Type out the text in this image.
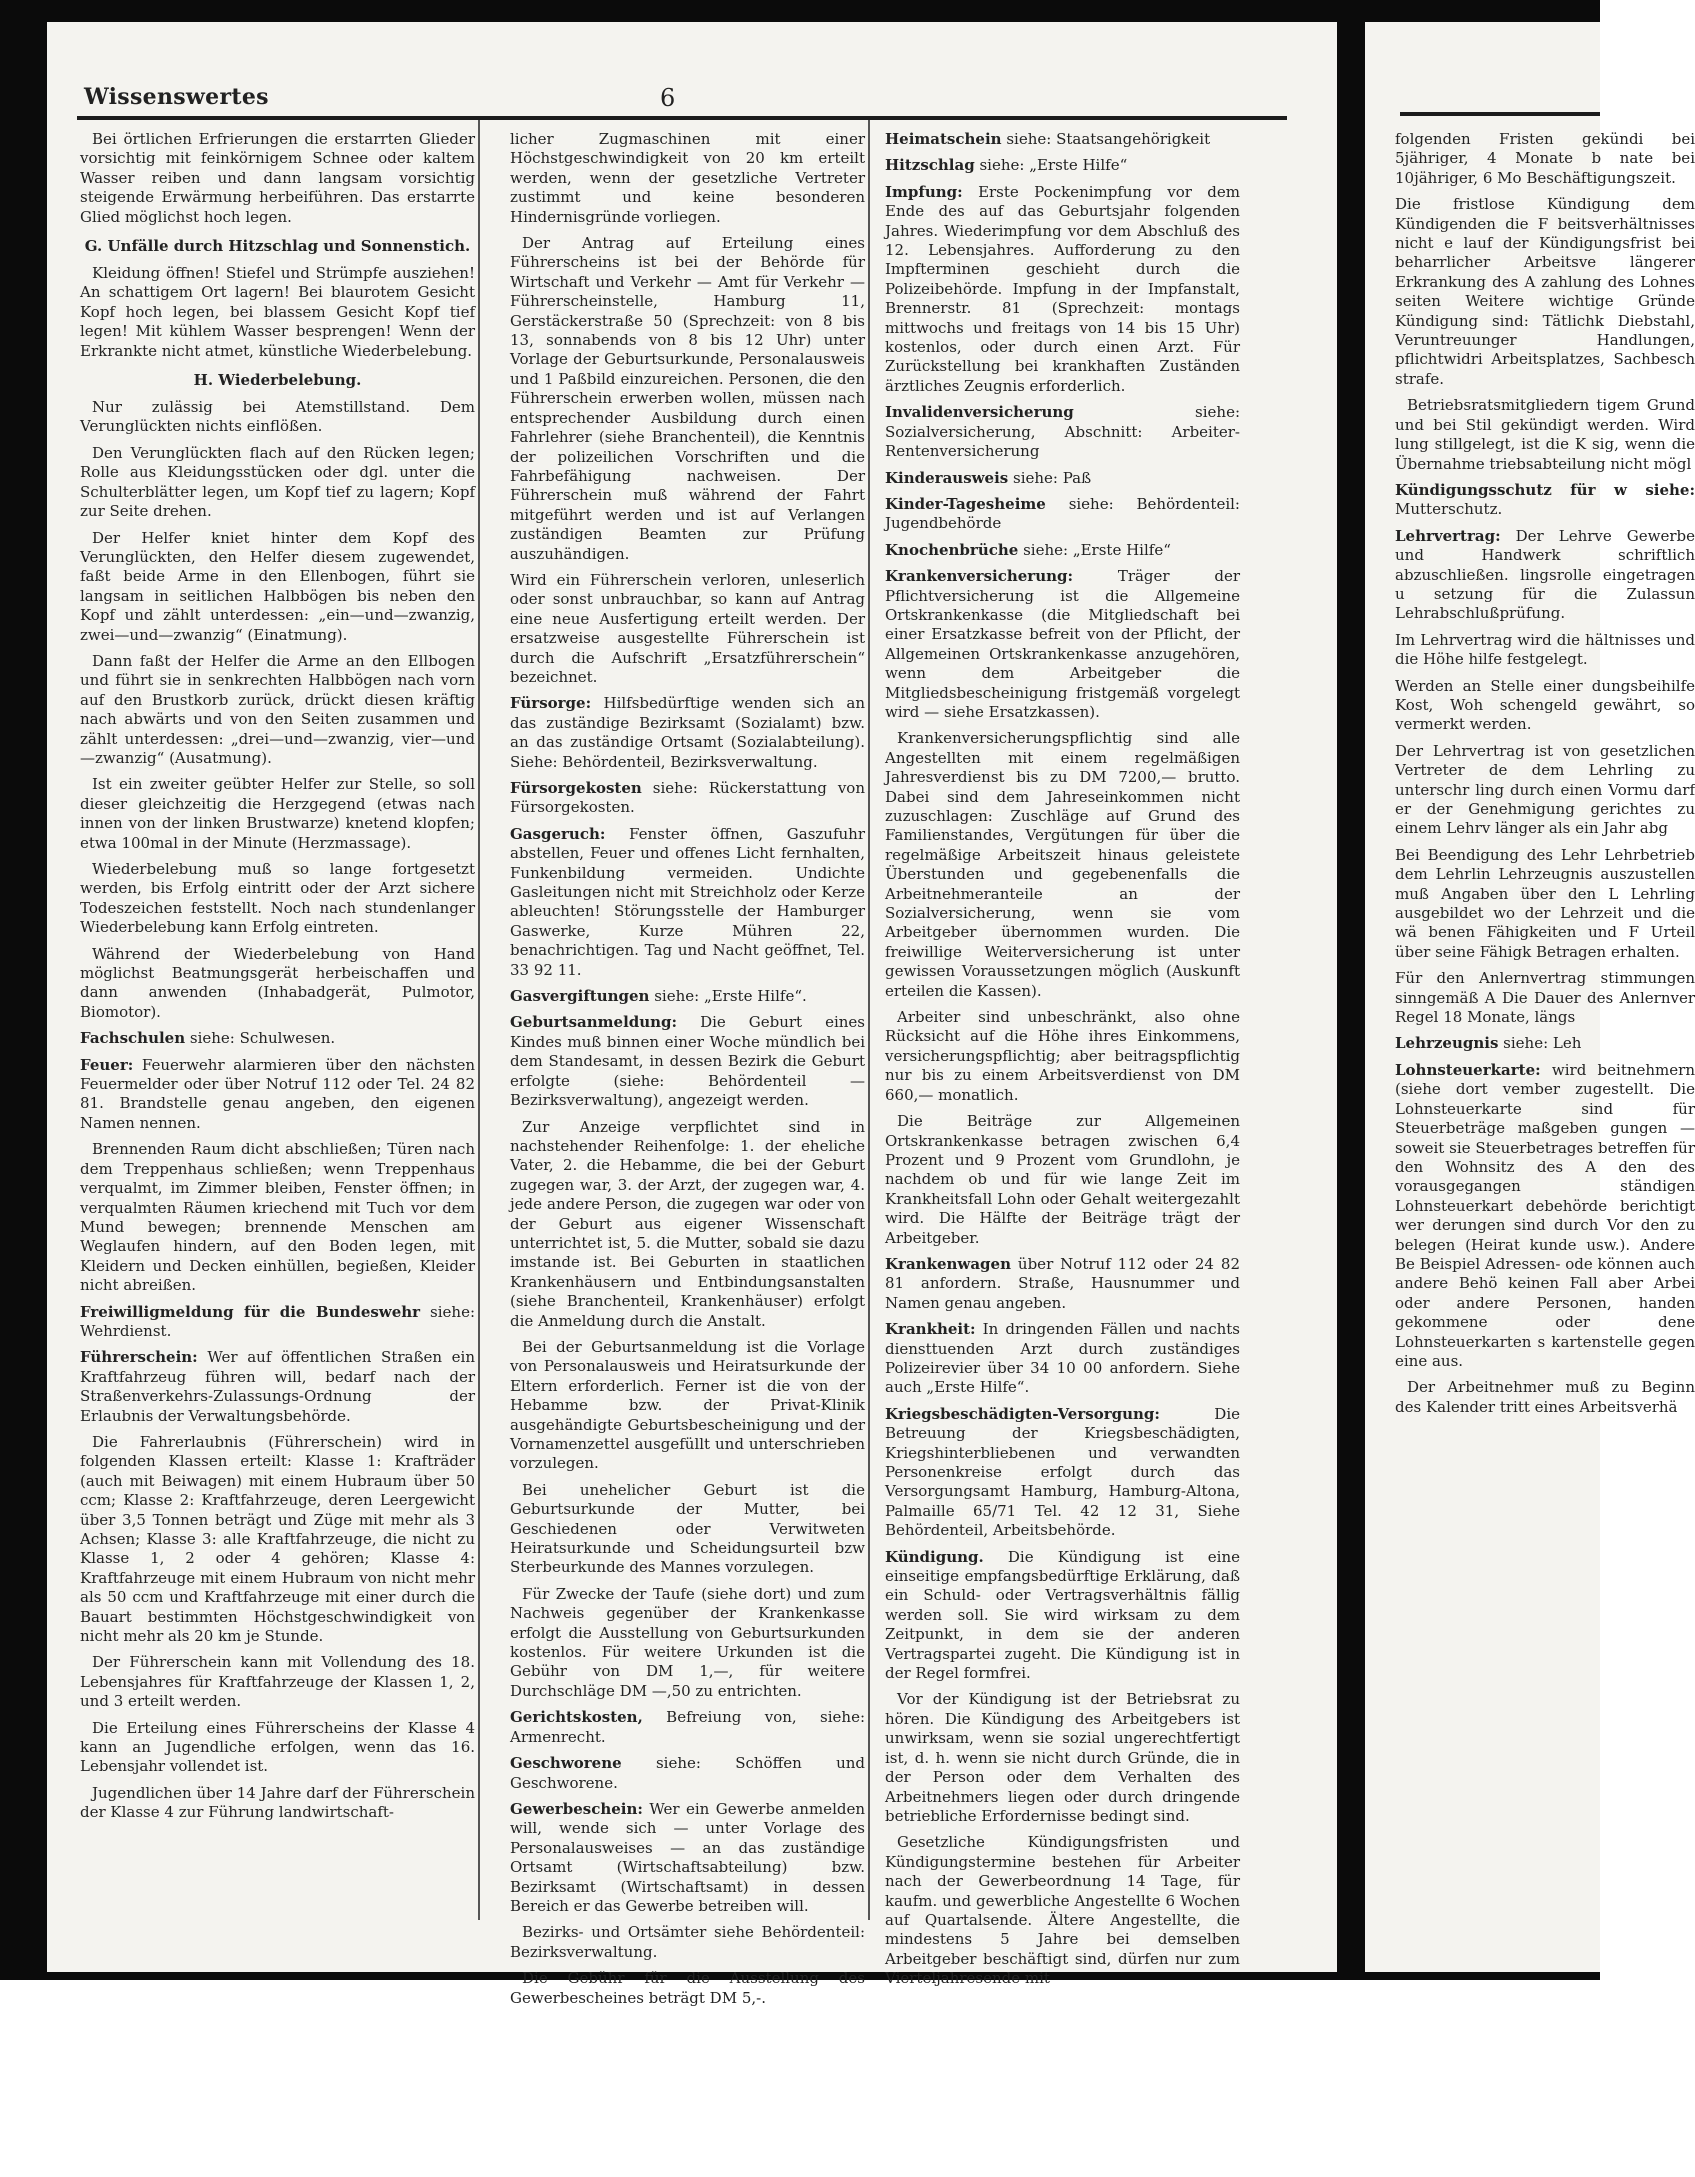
Wissenswertes	6

Bei örtlichen Erfrierungen die erstarrten Glieder vorsichtig mit feinkörnigem Schnee oder kaltem Wasser reiben und dann langsam vorsichtig steigende Erwärmung herbeiführen. Das erstarrte Glied möglichst hoch legen.

G. Unfälle durch Hitzschlag und Sonnenstich.

Kleidung öffnen! Stiefel und Strümpfe ausziehen! An schattigem Ort lagern! Bei blaurotem Gesicht Kopf hoch legen, bei blassem Gesicht Kopf tief legen! Mit kühlem Wasser besprengen! Wenn der Erkrankte nicht atmet, künstliche Wiederbelebung.

H. Wiederbelebung.

Nur zulässig bei Atemstillstand. Dem Verunglückten nichts einflößen.

Den Verunglückten flach auf den Rücken legen; Rolle aus Kleidungsstücken oder dgl. unter die Schulterblätter legen, um Kopf tief zu lagern; Kopf zur Seite drehen.

Der Helfer kniet hinter dem Kopf des Verunglückten, den Helfer diesem zugewendet, faßt beide Arme in den Ellenbogen, führt sie langsam in seitlichen Halbbögen bis neben den Kopf und zählt unterdessen: „ein—und—zwanzig, zwei—und—zwanzig“ (Einatmung).

Dann faßt der Helfer die Arme an den Ellbogen und führt sie in senkrechten Halbbögen nach vorn auf den Brustkorb zurück, drückt diesen kräftig nach abwärts und von den Seiten zusammen und zählt unterdessen: „drei—und—zwanzig, vier—und—zwanzig“ (Ausatmung).

Ist ein zweiter geübter Helfer zur Stelle, so soll dieser gleichzeitig die Herzgegend (etwas nach innen von der linken Brustwarze) knetend klopfen; etwa 100mal in der Minute (Herzmassage).

Wiederbelebung muß so lange fortgesetzt werden, bis Erfolg eintritt oder der Arzt sichere Todeszeichen feststellt. Noch nach stundenlanger Wiederbelebung kann Erfolg eintreten.

Während der Wiederbelebung von Hand möglichst Beatmungsgerät herbeischaffen und dann anwenden (Inhabadgerät, Pulmotor, Biomotor).

Fachschulen siehe: Schulwesen.

Feuer: Feuerwehr alarmieren über den nächsten Feuermelder oder über Notruf 112 oder Tel. 24 82 81. Brandstelle genau angeben, den eigenen Namen nennen.

Brennenden Raum dicht abschließen; Türen nach dem Treppenhaus schließen; wenn Treppenhaus verqualmt, im Zimmer bleiben, Fenster öffnen; in verqualmten Räumen kriechend mit Tuch vor dem Mund bewegen; brennende Menschen am Weglaufen hindern, auf den Boden legen, mit Kleidern und Decken einhüllen, begießen, Kleider nicht abreißen.

Freiwilligmeldung für die Bundeswehr siehe: Wehrdienst.

Führerschein: Wer auf öffentlichen Straßen ein Kraftfahrzeug führen will, bedarf nach der Straßenverkehrs-Zulassungs-Ordnung der Erlaubnis der Verwaltungsbehörde.

Die Fahrerlaubnis (Führerschein) wird in folgenden Klassen erteilt: Klasse 1: Krafträder (auch mit Beiwagen) mit einem Hubraum über 50 ccm; Klasse 2: Kraftfahrzeuge, deren Leergewicht über 3,5 Tonnen beträgt und Züge mit mehr als 3 Achsen; Klasse 3: alle Kraftfahrzeuge, die nicht zu Klasse 1, 2 oder 4 gehören; Klasse 4: Kraftfahrzeuge mit einem Hubraum von nicht mehr als 50 ccm und Kraftfahrzeuge mit einer durch die Bauart bestimmten Höchstgeschwindigkeit von nicht mehr als 20 km je Stunde.

Der Führerschein kann mit Vollendung des 18. Lebensjahres für Kraftfahrzeuge der Klassen 1, 2, und 3 erteilt werden.

Die Erteilung eines Führerscheins der Klasse 4 kann an Jugendliche erfolgen, wenn das 16. Lebensjahr vollendet ist.

Jugendlichen über 14 Jahre darf der Führerschein der Klasse 4 zur Führung landwirtschaft-

licher Zugmaschinen mit einer Höchstgeschwindigkeit von 20 km erteilt werden, wenn der gesetzliche Vertreter zustimmt und keine besonderen Hindernisgründe vorliegen.

Der Antrag auf Erteilung eines Führerscheins ist bei der Behörde für Wirtschaft und Verkehr — Amt für Verkehr — Führerscheinstelle, Hamburg 11, Gerstäckerstraße 50 (Sprechzeit: von 8 bis 13, sonnabends von 8 bis 12 Uhr) unter Vorlage der Geburtsurkunde, Personalausweis und 1 Paßbild einzureichen. Personen, die den Führerschein erwerben wollen, müssen nach entsprechender Ausbildung durch einen Fahrlehrer (siehe Branchenteil), die Kenntnis der polizeilichen Vorschriften und die Fahrbefähigung nachweisen. Der Führerschein muß während der Fahrt mitgeführt werden und ist auf Verlangen zuständigen Beamten zur Prüfung auszuhändigen.

Wird ein Führerschein verloren, unleserlich oder sonst unbrauchbar, so kann auf Antrag eine neue Ausfertigung erteilt werden. Der ersatzweise ausgestellte Führerschein ist durch die Aufschrift „Ersatzführerschein“ bezeichnet.

Fürsorge: Hilfsbedürftige wenden sich an das zuständige Bezirksamt (Sozialamt) bzw. an das zuständige Ortsamt (Sozialabteilung). Siehe: Behördenteil, Bezirksverwaltung.

Fürsorgekosten siehe: Rückerstattung von Fürsorgekosten.

Gasgeruch: Fenster öffnen, Gaszufuhr abstellen, Feuer und offenes Licht fernhalten, Funkenbildung vermeiden. Undichte Gasleitungen nicht mit Streichholz oder Kerze ableuchten! Störungsstelle der Hamburger Gaswerke, Kurze Mühren 22, benachrichtigen. Tag und Nacht geöffnet, Tel. 33 92 11.

Gasvergiftungen siehe: „Erste Hilfe“.

Geburtsanmeldung: Die Geburt eines Kindes muß binnen einer Woche mündlich bei dem Standesamt, in dessen Bezirk die Geburt erfolgte (siehe: Behördenteil — Bezirksverwaltung), angezeigt werden.

Zur Anzeige verpflichtet sind in nachstehender Reihenfolge: 1. der eheliche Vater, 2. die Hebamme, die bei der Geburt zugegen war, 3. der Arzt, der zugegen war, 4. jede andere Person, die zugegen war oder von der Geburt aus eigener Wissenschaft unterrichtet ist, 5. die Mutter, sobald sie dazu imstande ist. Bei Geburten in staatlichen Krankenhäusern und Entbindungsanstalten (siehe Branchenteil, Krankenhäuser) erfolgt die Anmeldung durch die Anstalt.

Bei der Geburtsanmeldung ist die Vorlage von Personalausweis und Heiratsurkunde der Eltern erforderlich. Ferner ist die von der Hebamme bzw. der Privat-Klinik ausgehändigte Geburtsbescheinigung und der Vornamenzettel ausgefüllt und unterschrieben vorzulegen.

Bei unehelicher Geburt ist die Geburtsurkunde der Mutter, bei Geschiedenen oder Verwitweten Heiratsurkunde und Scheidungsurteil bzw Sterbeurkunde des Mannes vorzulegen.

Für Zwecke der Taufe (siehe dort) und zum Nachweis gegenüber der Krankenkasse erfolgt die Ausstellung von Geburtsurkunden kostenlos. Für weitere Urkunden ist die Gebühr von DM 1,—, für weitere Durchschläge DM —,50 zu entrichten.

Gerichtskosten, Befreiung von, siehe: Armenrecht.

Geschworene siehe: Schöffen und Geschworene.

Gewerbeschein: Wer ein Gewerbe anmelden will, wende sich — unter Vorlage des Personalausweises — an das zuständige Ortsamt (Wirtschaftsabteilung) bzw. Bezirksamt (Wirtschaftsamt) in dessen Bereich er das Gewerbe betreiben will.

Bezirks- und Ortsämter siehe Behördenteil: Bezirksverwaltung.

Die Gebühr für die Ausstellung des Gewerbescheines beträgt DM 5,-.

Heimatschein siehe: Staatsangehörigkeit

Hitzschlag siehe: „Erste Hilfe“

Impfung: Erste Pockenimpfung vor dem Ende des auf das Geburtsjahr folgenden Jahres. Wiederimpfung vor dem Abschluß des 12. Lebensjahres. Aufforderung zu den Impfterminen geschieht durch die Polizeibehörde. Impfung in der Impfanstalt, Brennerstr. 81 (Sprechzeit: montags mittwochs und freitags von 14 bis 15 Uhr) kostenlos, oder durch einen Arzt. Für Zurückstellung bei krankhaften Zuständen ärztliches Zeugnis erforderlich.

Invalidenversicherung siehe: Sozialversicherung, Abschnitt: Arbeiter-Rentenversicherung

Kinderausweis siehe: Paß

Kinder-Tagesheime siehe: Behördenteil: Jugendbehörde

Knochenbrüche siehe: „Erste Hilfe“

Krankenversicherung: Träger der Pflichtversicherung ist die Allgemeine Ortskrankenkasse (die Mitgliedschaft bei einer Ersatzkasse befreit von der Pflicht, der Allgemeinen Ortskrankenkasse anzugehören, wenn dem Arbeitgeber die Mitgliedsbescheinigung fristgemäß vorgelegt wird — siehe Ersatzkassen).

Krankenversicherungspflichtig sind alle Angestellten mit einem regelmäßigen Jahresverdienst bis zu DM 7200,— brutto. Dabei sind dem Jahreseinkommen nicht zuzuschlagen: Zuschläge auf Grund des Familienstandes, Vergütungen für über die regelmäßige Arbeitszeit hinaus geleistete Überstunden und gegebenenfalls die Arbeitnehmeranteile an der Sozialversicherung, wenn sie vom Arbeitgeber übernommen wurden. Die freiwillige Weiterversicherung ist unter gewissen Voraussetzungen möglich (Auskunft erteilen die Kassen).

Arbeiter sind unbeschränkt, also ohne Rücksicht auf die Höhe ihres Einkommens, versicherungspflichtig; aber beitragspflichtig nur bis zu einem Arbeitsverdienst von DM 660,— monatlich.

Die Beiträge zur Allgemeinen Ortskrankenkasse betragen zwischen 6,4 Prozent und 9 Prozent vom Grundlohn, je nachdem ob und für wie lange Zeit im Krankheitsfall Lohn oder Gehalt weitergezahlt wird. Die Hälfte der Beiträge trägt der Arbeitgeber.

Krankenwagen über Notruf 112 oder 24 82 81 anfordern. Straße, Hausnummer und Namen genau angeben.

Krankheit: In dringenden Fällen und nachts diensttuenden Arzt durch zuständiges Polizeirevier über 34 10 00 anfordern. Siehe auch „Erste Hilfe“.

Kriegsbeschädigten-Versorgung: Die Betreuung der Kriegsbeschädigten, Kriegshinterbliebenen und verwandten Personenkreise erfolgt durch das Versorgungsamt Hamburg, Hamburg-Altona, Palmaille 65/71 Tel. 42 12 31, Siehe Behördenteil, Arbeitsbehörde.

Kündigung. Die Kündigung ist eine einseitige empfangsbedürftige Erklärung, daß ein Schuld- oder Vertragsverhältnis fällig werden soll. Sie wird wirksam zu dem Zeitpunkt, in dem sie der anderen Vertragspartei zugeht. Die Kündigung ist in der Regel formfrei.

Vor der Kündigung ist der Betriebsrat zu hören. Die Kündigung des Arbeitgebers ist unwirksam, wenn sie sozial ungerechtfertigt ist, d. h. wenn sie nicht durch Gründe, die in der Person oder dem Verhalten des Arbeitnehmers liegen oder durch dringende betriebliche Erfordernisse bedingt sind.

Gesetzliche Kündigungsfristen und Kündigungstermine bestehen für Arbeiter nach der Gewerbeordnung 14 Tage, für kaufm. und gewerbliche Angestellte 6 Wochen auf Quartalsende. Ältere Angestellte, die mindestens 5 Jahre bei demselben Arbeitgeber beschäftigt sind, dürfen nur zum Vierteljahresende mit

folgenden Fristen gekündi bei 5jähriger, 4 Monate b nate bei 10jähriger, 6 Mo Beschäftigungszeit.

Die fristlose Kündigung dem Kündigenden die F beitsverhältnisses nicht e lauf der Kündigungsfrist bei beharrlicher Arbeitsve längerer Erkrankung des A zahlung des Lohnes seiten Weitere wichtige Gründe Kündigung sind: Tätlichk Diebstahl, Veruntreuunger Handlungen, pflichtwidri Arbeitsplatzes, Sachbesch strafe.

Betriebsratsmitgliedern tigem Grund und bei Stil gekündigt werden. Wird lung stillgelegt, ist die K sig, wenn die Übernahme triebsabteilung nicht mögl

Kündigungsschutz für w siehe: Mutterschutz.

Lehrvertrag: Der Lehrve Gewerbe und Handwerk schriftlich abzuschließen. lingsrolle eingetragen u setzung für die Zulassun Lehrabschlußprüfung.

Im Lehrvertrag wird die hältnisses und die Höhe hilfe festgelegt.

Werden an Stelle einer dungsbeihilfe Kost, Woh schengeld gewährt, so vermerkt werden.

Der Lehrvertrag ist von gesetzlichen Vertreter de dem Lehrling zu unterschr ling durch einen Vormu darf er der Genehmigung gerichtes zu einem Lehrv länger als ein Jahr abg

Bei Beendigung des Lehr Lehrbetrieb dem Lehrlin Lehrzeugnis auszustellen muß Angaben über den L Lehrling ausgebildet wo der Lehrzeit und die wä benen Fähigkeiten und F Urteil über seine Fähigk Betragen erhalten.

Für den Anlernvertrag stimmungen sinngemäß A Die Dauer des Anlernver Regel 18 Monate, längs

Lehrzeugnis siehe: Leh

Lohnsteuerkarte: wird beitnehmern (siehe dort vember zugestellt. Die Lohnsteuerkarte sind für Steuerbeträge maßgeben gungen — soweit sie Steuerbetrages betreffen für den Wohnsitz des A den des vorausgegangen ständigen Lohnsteuerkart debehörde berichtigt wer derungen sind durch Vor den zu belegen (Heirat kunde usw.). Andere Be Beispiel Adressen- ode können auch andere Behö keinen Fall aber Arbei oder andere Personen, handen gekommene oder dene Lohnsteuerkarten s kartenstelle gegen eine aus.

Der Arbeitnehmer muß zu Beginn des Kalender tritt eines Arbeitsverhä
